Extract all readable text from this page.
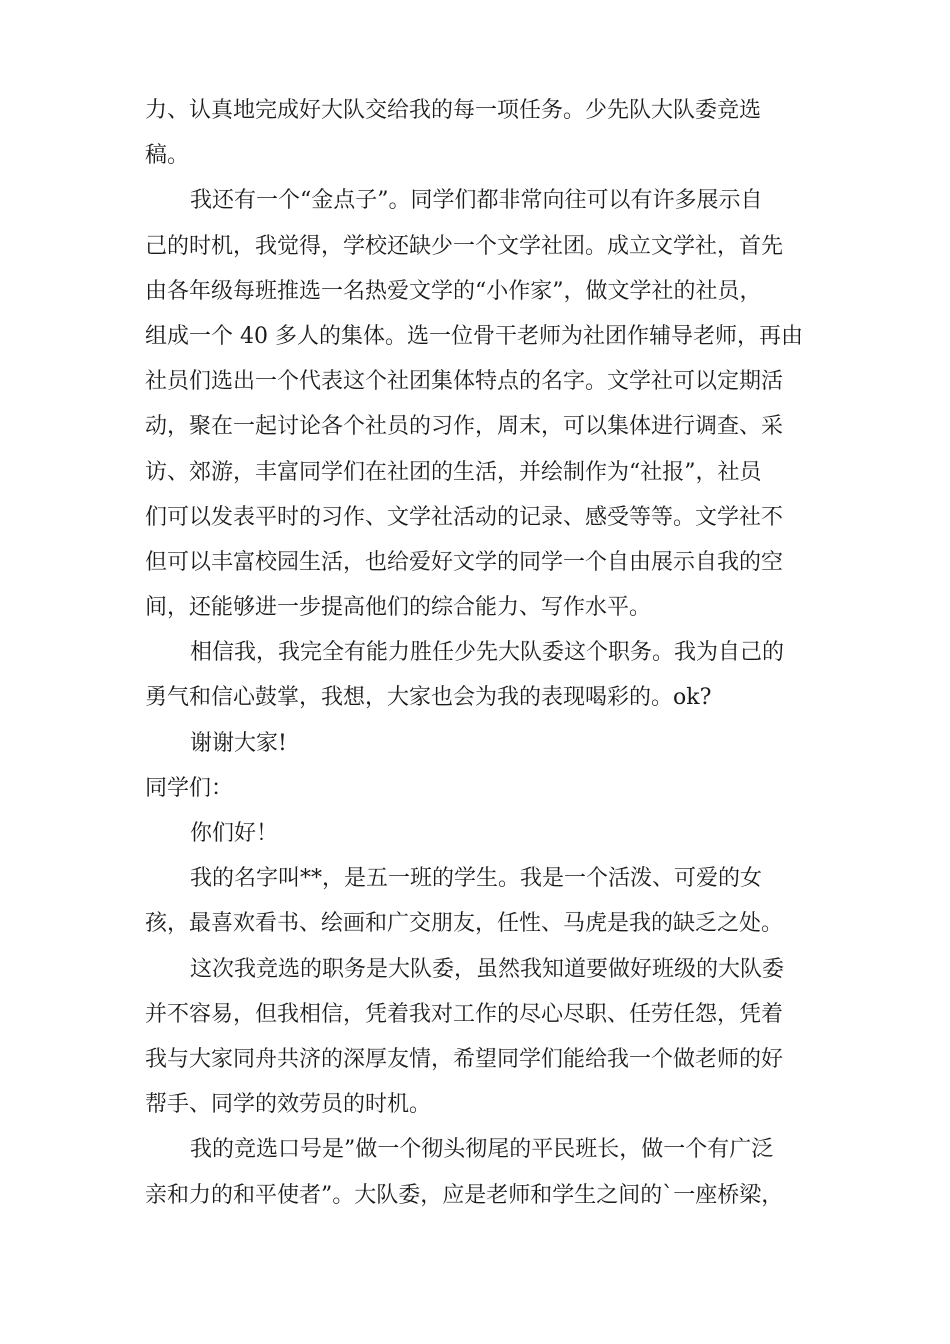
力、认真地完成好大队交给我的每一项任务。少先队大队委竞选
稿。
我还有一个“金点子”。同学们都非常向往可以有许多展示自
己的时机，我觉得，学校还缺少一个文学社团。成立文学社，首先
由各年级每班推选一名热爱文学的“小作家”，做文学社的社员，
组成一个 40 多人的集体。选一位骨干老师为社团作辅导老师，再由
社员们选出一个代表这个社团集体特点的名字。文学社可以定期活
动，聚在一起讨论各个社员的习作，周末，可以集体进行调查、采
访、郊游，丰富同学们在社团的生活，并绘制作为“社报”，社员
们可以发表平时的习作、文学社活动的记录、感受等等。文学社不
但可以丰富校园生活，也给爱好文学的同学一个自由展示自我的空
间，还能够进一步提高他们的综合能力、写作水平。
相信我，我完全有能力胜任少先大队委这个职务。我为自己的
勇气和信心鼓掌，我想，大家也会为我的表现喝彩的。ok?
谢谢大家!
同学们：
你们好！
我的名字叫**，是五一班的学生。我是一个活泼、可爱的女
孩，最喜欢看书、绘画和广交朋友，任性、马虎是我的缺乏之处。
这次我竞选的职务是大队委，虽然我知道要做好班级的大队委
并不容易，但我相信，凭着我对工作的尽心尽职、任劳任怨，凭着
我与大家同舟共济的深厚友情，希望同学们能给我一个做老师的好
帮手、同学的效劳员的时机。
我的竞选口号是”做一个彻头彻尾的平民班长，做一个有广泛
亲和力的和平使者”。大队委，应是老师和学生之间的`一座桥梁，
